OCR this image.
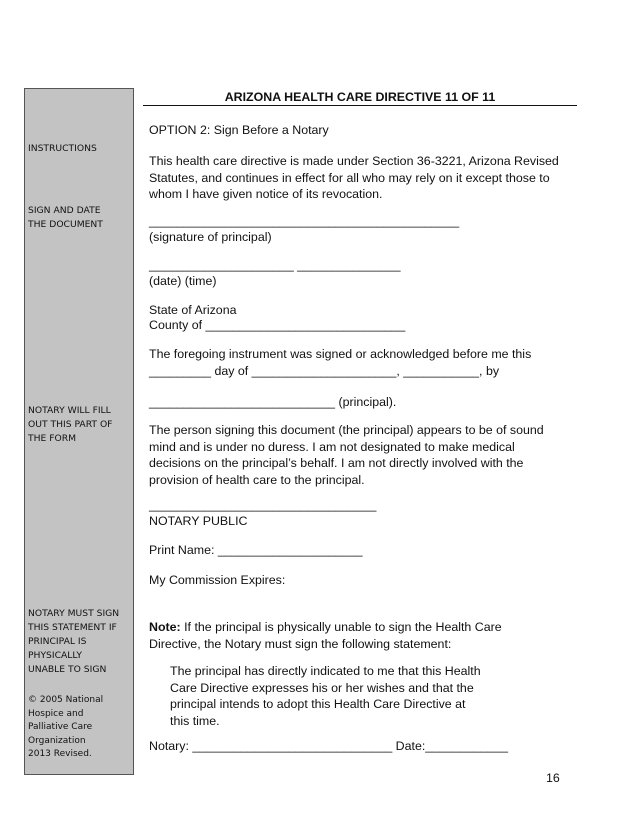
INSTRUCTIONS
SIGN AND DATE
THE DOCUMENT
NOTARY WILL FILL
OUT THIS PART OF
THE FORM
NOTARY MUST SIGN
THIS STATEMENT IF
PRINCIPAL IS
PHYSICALLY
UNABLE TO SIGN
© 2005 National
Hospice and
Palliative Care
Organization
2013 Revised.
ARIZONA HEALTH CARE DIRECTIVE 11 OF 11
OPTION 2: Sign Before a Notary
This health care directive is made under Section 36-3221, Arizona Revised
Statutes, and continues in effect for all who may rely on it except those to
whom I have given notice of its revocation.
_____________________________________________
(signature of principal)
_____________________ _______________
(date) (time)
State of Arizona
County of _____________________________
The foregoing instrument was signed or acknowledged before me this
_________ day of _____________________, ___________, by
___________________________ (principal).
The person signing this document (the principal) appears to be of sound
mind and is under no duress. I am not designated to make medical
decisions on the principal’s behalf. I am not directly involved with the
provision of health care to the principal.
_________________________________
NOTARY PUBLIC
Print Name: _____________________
My Commission Expires:
Note: If the principal is physically unable to sign the Health Care
Directive, the Notary must sign the following statement:
The principal has directly indicated to me that this Health
Care Directive expresses his or her wishes and that the
principal intends to adopt this Health Care Directive at
this time.
Notary: _____________________________ Date:____________
16
